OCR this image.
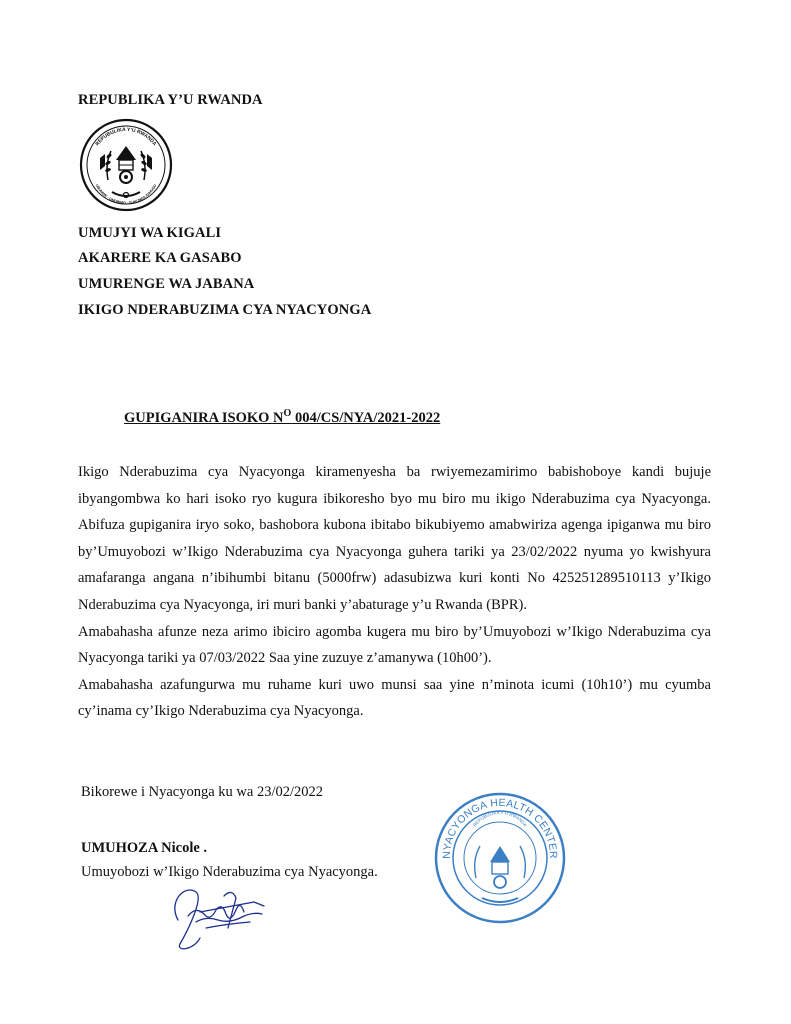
REPUBLIKA Y’U RWANDA
REPUBULIKA Y’U RWANDA
UBUMWE · UMURIMO · GUKUNDA IGIHUGU
UMUJYI WA KIGALI
AKARERE KA GASABO
UMURENGE WA JABANA
IKIGO NDERABUZIMA CYA NYACYONGA
GUPIGANIRA ISOKO $N^O$ 004/CS/NYA/2021-2022

Ikigo Nderabuzima cya Nyacyonga kiramenyesha ba rwiyemezamirimo babishoboye kandi bujuje ibyangombwa ko hari isoko ryo kugura ibikoresho byo mu biro mu ikigo Nderabuzima cya Nyacyonga. Abifuza gupiganira iryo soko, bashobora kubona ibitabo bikubiyemo amabwiriza agenga ipiganwa mu biro by’Umuyobozi w’Ikigo Nderabuzima cya Nyacyonga guhera tariki ya 23/02/2022 nyuma yo kwishyura amafaranga angana n’ibihumbi bitanu (5000frw) adasubizwa kuri konti No 425251289510113 y’Ikigo Nderabuzima cya Nyacyonga, iri muri banki y’abaturage y’u Rwanda (BPR).

Amabahasha afunze neza arimo ibiciro agomba kugera mu biro by’Umuyobozi w’Ikigo Nderabuzima cya Nyacyonga tariki ya 07/03/2022 Saa yine zuzuye z’amanywa (10h00’).

Amabahasha azafungurwa mu ruhame kuri uwo munsi saa yine n’minota icumi (10h10’) mu cyumba cy’inama cy’Ikigo Nderabuzima cya Nyacyonga.

Bikorewe i Nyacyonga ku wa 23/02/2022
UMUHOZA Nicole .
Umuyobozi w’Ikigo Nderabuzima cya Nyacyonga.
NYACYONGA HEALTH CENTER
REPUBULIKA Y’U RWANDA
